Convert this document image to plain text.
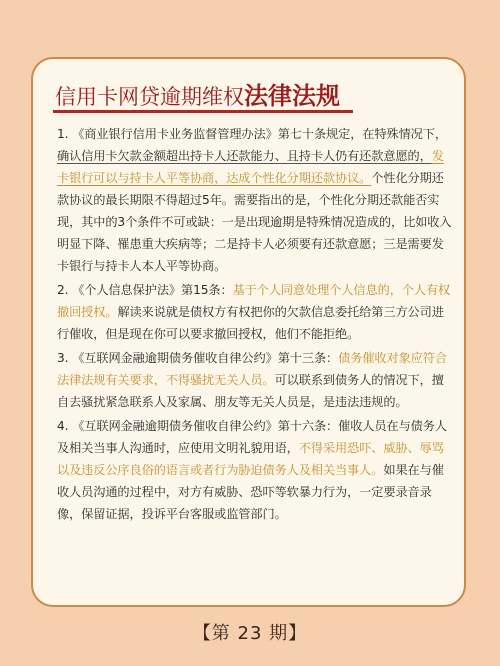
信用卡网贷逾期维权法律法规

1. 《商业银行信用卡业务监督管理办法》第七十条规定，在特殊情况下，确认信用卡欠款金额超出持卡人还款能力、且持卡人仍有还款意愿的，发卡银行可以与持卡人平等协商，达成个性化分期还款协议。个性化分期还款协议的最长期限不得超过5年。需要指出的是，个性化分期还款能否实现，其中的3个条件不可或缺：一是出现逾期是特殊情况造成的，比如收入明显下降、罹患重大疾病等；二是持卡人必须要有还款意愿；三是需要发卡银行与持卡人本人平等协商。

2. 《个人信息保护法》第15条：基于个人同意处理个人信息的，个人有权撤回授权。解读来说就是债权方有权把你的欠款信息委托给第三方公司进行催收，但是现在你可以要求撤回授权，他们不能拒绝。

3. 《互联网金融逾期债务催收自律公约》第十三条：债务催收对象应符合法律法规有关要求，不得骚扰无关人员。可以联系到债务人的情况下，擅自去骚扰紧急联系人及家属、朋友等无关人员是，是违法违规的。

4. 《互联网金融逾期债务催收自律公约》第十六条：催收人员在与债务人及相关当事人沟通时，应使用文明礼貌用语，不得采用恐吓、威胁、辱骂以及违反公序良俗的语言或者行为胁迫债务人及相关当事人。如果在与催收人员沟通的过程中，对方有威胁、恐吓等软暴力行为，一定要录音录像，保留证据，投诉平台客服或监管部门。

【第 23 期】
